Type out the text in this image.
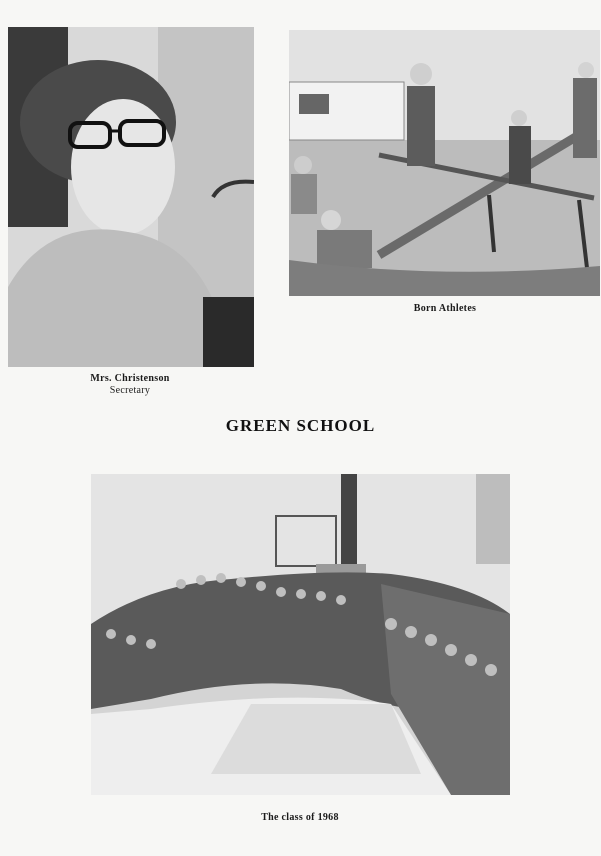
Mrs. Christenson
Secretary
Born Athletes
GREEN SCHOOL
The class of 1968
